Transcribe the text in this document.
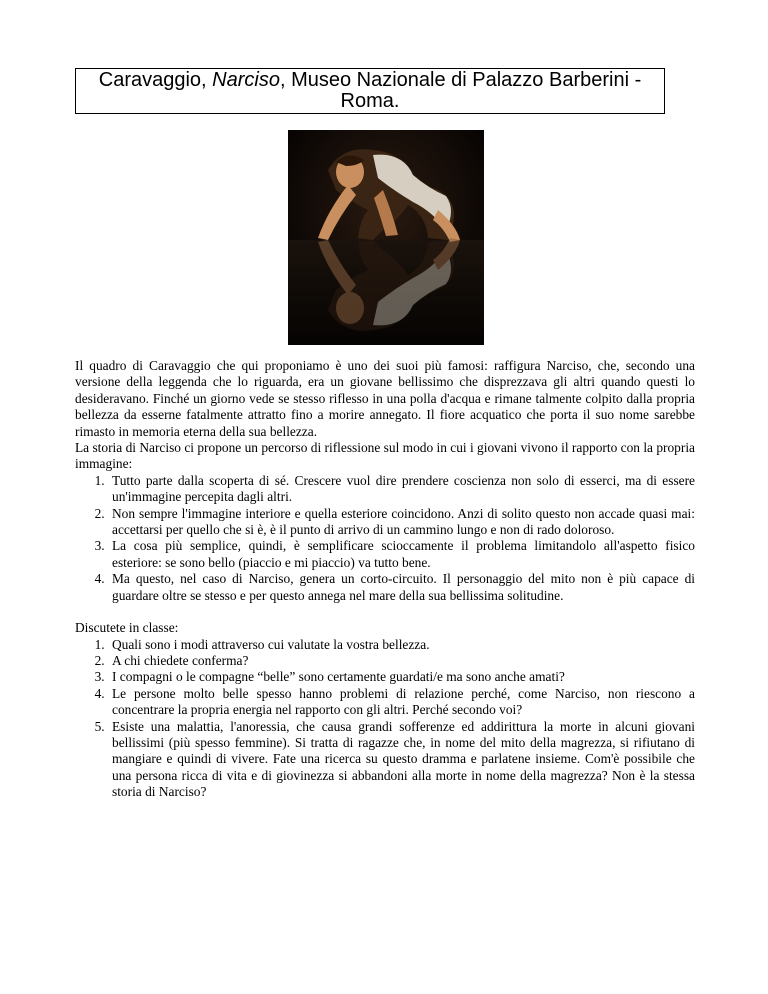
Caravaggio, Narciso, Museo Nazionale di Palazzo Barberini - Roma.

Il quadro di Caravaggio che qui proponiamo è uno dei suoi più famosi: raffigura Narciso, che, secondo una versione della leggenda che lo riguarda, era un giovane bellissimo che disprezzava gli altri quando questi lo desideravano. Finché un giorno vede se stesso riflesso in una polla d'acqua e rimane talmente colpito dalla propria bellezza da esserne fatalmente attratto fino a morire annegato. Il fiore acquatico che porta il suo nome sarebbe rimasto in memoria eterna della sua bellezza.

La storia di Narciso ci propone un percorso di riflessione sul modo in cui i giovani vivono il rapporto con la propria immagine:

1. Tutto parte dalla scoperta di sé. Crescere vuol dire prendere coscienza non solo di esserci, ma di essere un'immagine percepita dagli altri.
2. Non sempre l'immagine interiore e quella esteriore coincidono. Anzi di solito questo non accade quasi mai: accettarsi per quello che si è, è il punto di arrivo di un cammino lungo e non di rado doloroso.
3. La cosa più semplice, quindi, è semplificare scioccamente il problema limitandolo all'aspetto fisico esteriore: se sono bello (piaccio e mi piaccio) va tutto bene.
4. Ma questo, nel caso di Narciso, genera un corto-circuito. Il personaggio del mito non è più capace di guardare oltre se stesso e per questo annega nel mare della sua bellissima solitudine.

Discutete in classe:

1. Quali sono i modi attraverso cui valutate la vostra bellezza.
2. A chi chiedete conferma?
3. I compagni o le compagne “belle” sono certamente guardati/e ma sono anche amati?
4. Le persone molto belle spesso hanno problemi di relazione perché, come Narciso, non riescono a concentrare la propria energia nel rapporto con gli altri. Perché secondo voi?
5. Esiste una malattia, l'anoressia, che causa grandi sofferenze ed addirittura la morte in alcuni giovani bellissimi (più spesso femmine). Si tratta di ragazze che, in nome del mito della magrezza, si rifiutano di mangiare e quindi di vivere. Fate una ricerca su questo dramma e parlatene insieme. Com'è possibile che una persona ricca di vita e di giovinezza si abbandoni alla morte in nome della magrezza? Non è la stessa storia di Narciso?
